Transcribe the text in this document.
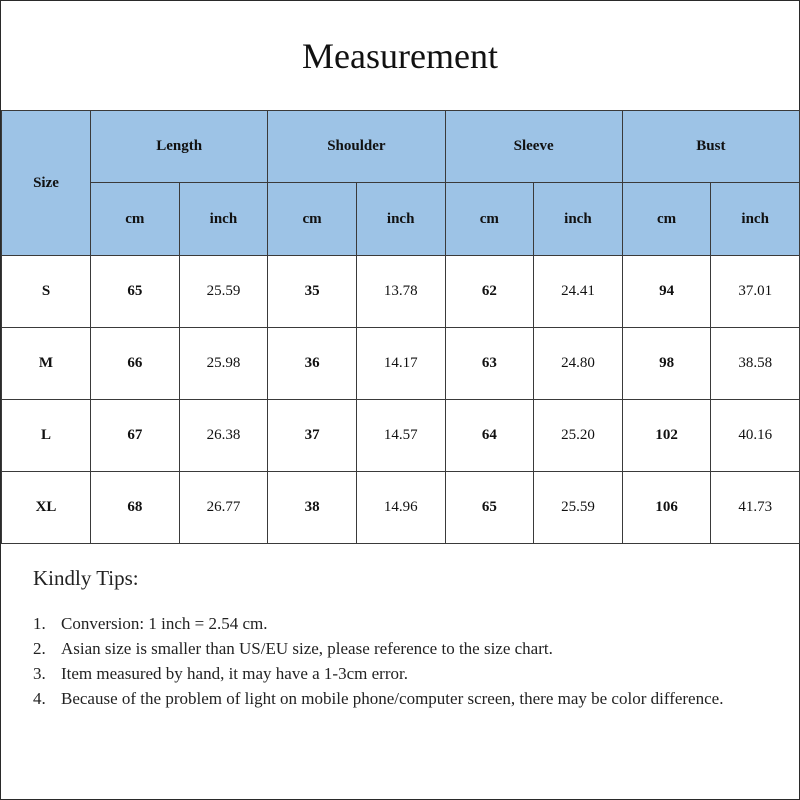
Measurement
Size	Length		Shoulder		Sleeve		Bust	
	cm	inch	cm	inch	cm	inch	cm	inch
S	65	25.59	35	13.78	62	24.41	94	37.01
M	66	25.98	36	14.17	63	24.80	98	38.58
L	67	26.38	37	14.57	64	25.20	102	40.16
XL	68	26.77	38	14.96	65	25.59	106	41.73
Kindly Tips:
1. Conversion: 1 inch = 2.54 cm.
2. Asian size is smaller than US/EU size, please reference to the size chart.
3. Item measured by hand, it may have a 1-3cm error.
4. Because of the problem of light on mobile phone/computer screen, there may be color difference.
